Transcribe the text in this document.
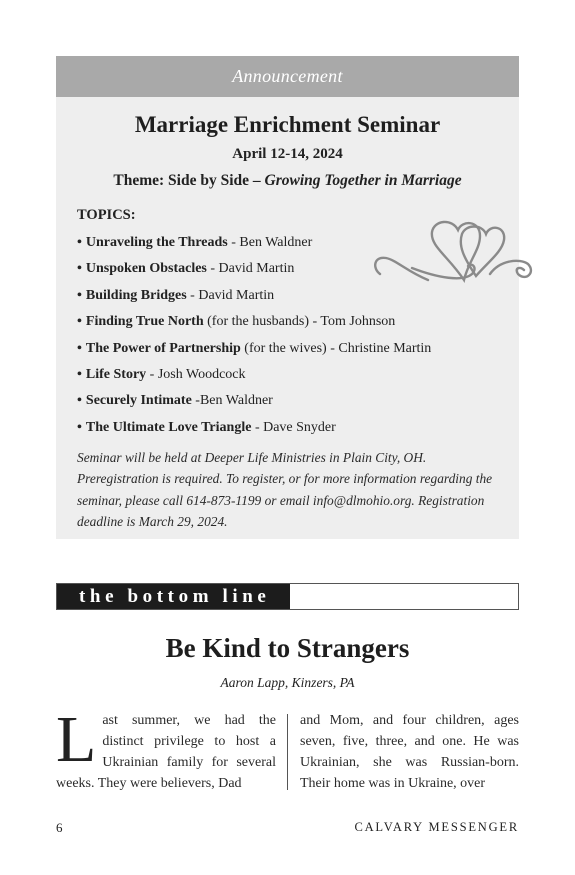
Announcement
Marriage Enrichment Seminar
April 12-14, 2024
Theme: Side by Side – Growing Together in Marriage
TOPICS:
• Unraveling the Threads - Ben Waldner
• Unspoken Obstacles - David Martin
• Building Bridges - David Martin
• Finding True North (for the husbands) - Tom Johnson
• The Power of Partnership (for the wives) - Christine Martin
• Life Story - Josh Woodcock
• Securely Intimate -Ben Waldner
• The Ultimate Love Triangle - Dave Snyder
Seminar will be held at Deeper Life Ministries in Plain City, OH. Preregistration is required. To register, or for more information regarding the seminar, please call 614-873-1199 or email info@dlmohio.org. Registration deadline is March 29, 2024.
the bottom line
Be Kind to Strangers
Aaron Lapp, Kinzers, PA
Last summer, we had the distinct privilege to host a Ukrainian family for several weeks. They were believers, Dad
and Mom, and four children, ages seven, five, three, and one. He was Ukrainian, she was Russian-born. Their home was in Ukraine, over
6	CALVARY MESSENGER
